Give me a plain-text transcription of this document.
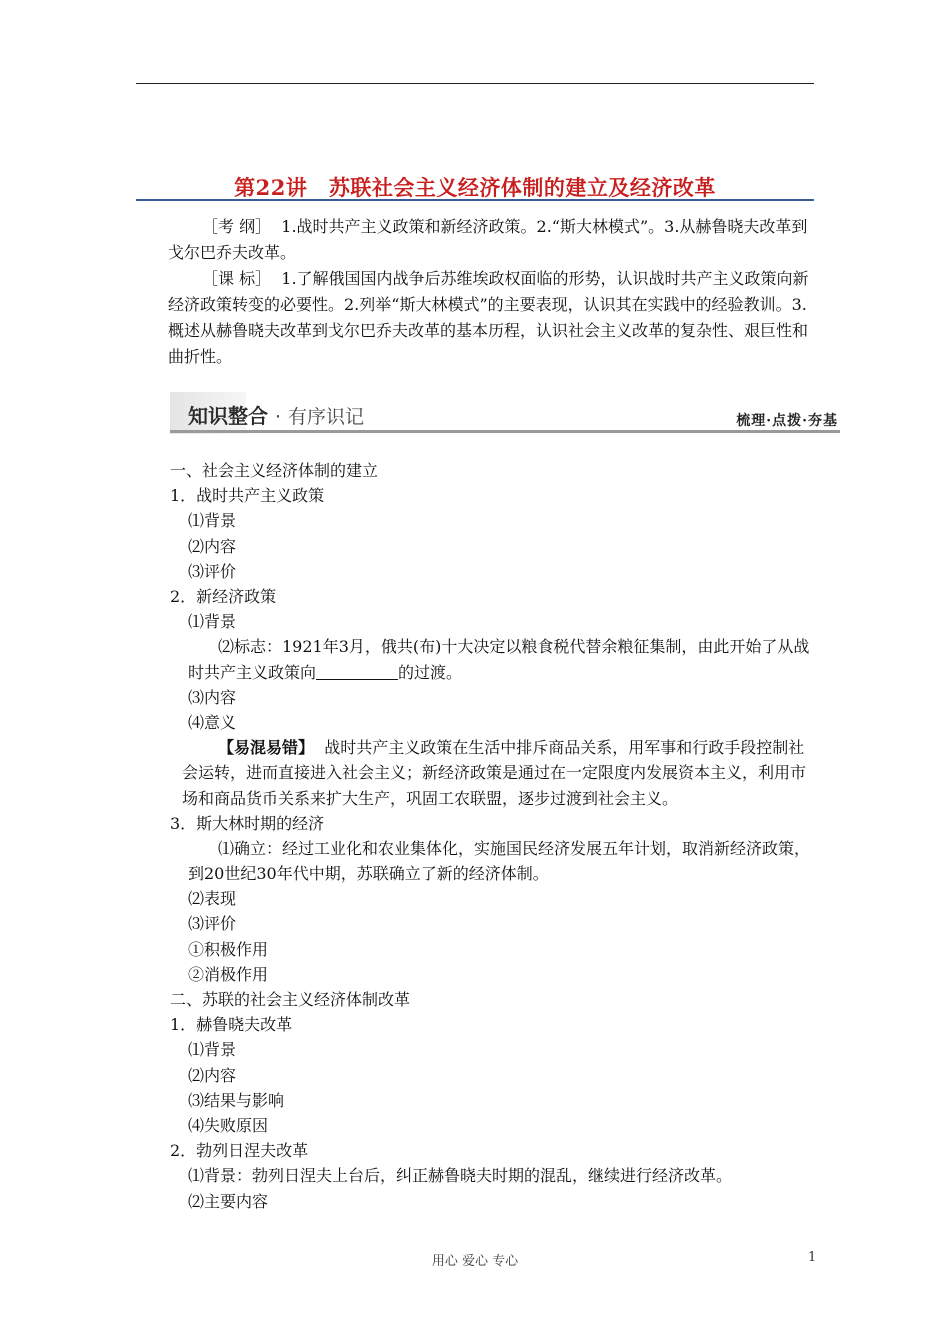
第22讲　苏联社会主义经济体制的建立及经济改革

［考 纲］ 1.战时共产主义政策和新经济政策。2.“斯大林模式”。3.从赫鲁晓夫改革到戈尔巴乔夫改革。

［课 标］ 1.了解俄国国内战争后苏维埃政权面临的形势，认识战时共产主义政策向新经济政策转变的必要性。2.列举“斯大林模式”的主要表现，认识其在实践中的经验教训。3.概述从赫鲁晓夫改革到戈尔巴乔夫改革的基本历程，认识社会主义改革的复杂性、艰巨性和曲折性。

知识整合 · 有序识记	梳理·点拨·夯基
一、社会主义经济体制的建立
1．战时共产主义政策
⑴背景
⑵内容
⑶评价
2．新经济政策
⑴背景
⑵标志：1921年3月，俄共(布)十大决定以粮食税代替余粮征集制，由此开始了从战时共产主义政策向	的过渡。
⑶内容
⑷意义
【易混易错】 战时共产主义政策在生活中排斥商品关系，用军事和行政手段控制社会运转，进而直接进入社会主义；新经济政策是通过在一定限度内发展资本主义，利用市场和商品货币关系来扩大生产，巩固工农联盟，逐步过渡到社会主义。
3．斯大林时期的经济
⑴确立：经过工业化和农业集体化，实施国民经济发展五年计划，取消新经济政策，到20世纪30年代中期，苏联确立了新的经济体制。
⑵表现
⑶评价
①积极作用
②消极作用
二、苏联的社会主义经济体制改革
1．赫鲁晓夫改革
⑴背景
⑵内容
⑶结果与影响
⑷失败原因
2．勃列日涅夫改革
⑴背景：勃列日涅夫上台后，纠正赫鲁晓夫时期的混乱，继续进行经济改革。
⑵主要内容
用心 爱心 专心	1
